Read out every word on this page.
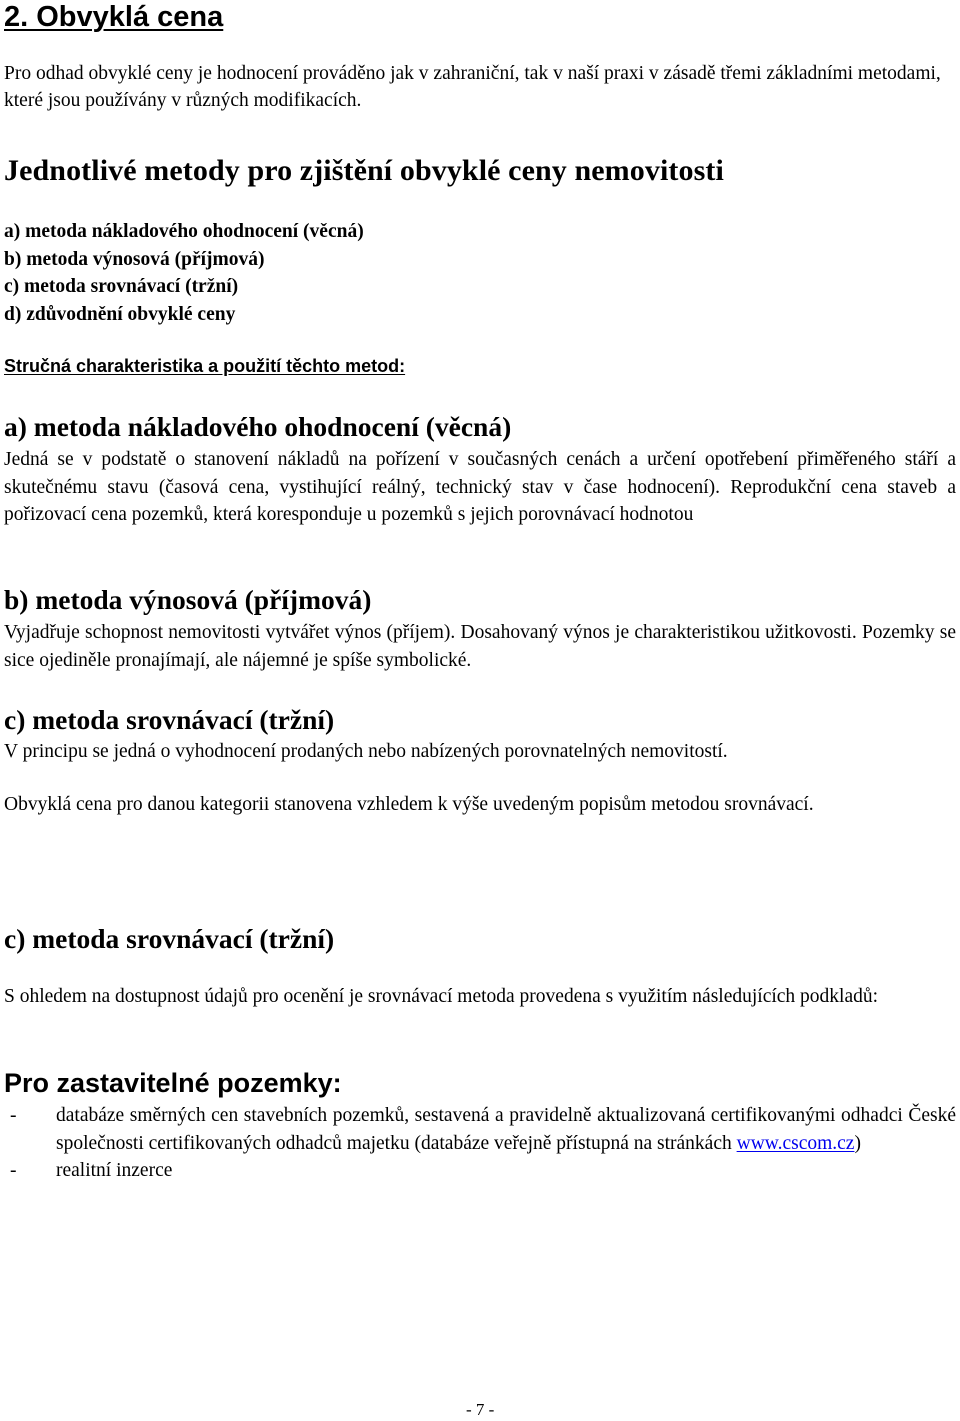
2. Obvyklá cena

Pro odhad obvyklé ceny je hodnocení prováděno jak v zahraniční, tak v naší praxi v zásadě třemi základními metodami, které jsou používány v různých modifikacích.

Jednotlivé metody pro zjištění obvyklé ceny nemovitosti
a) metoda nákladového ohodnocení (věcná)
b) metoda výnosová (příjmová)
c) metoda srovnávací (tržní)
d) zdůvodnění obvyklé ceny
Stručná charakteristika a použití těchto metod:
a) metoda nákladového ohodnocení (věcná)

Jedná se v podstatě o stanovení nákladů na pořízení v současných cenách a určení opotřebení přiměřeného stáří a skutečnému stavu (časová cena, vystihující reálný, technický stav v čase hodnocení). Reprodukční cena staveb a pořizovací cena pozemků, která koresponduje u pozemků s jejich porovnávací hodnotou

b) metoda výnosová (příjmová)

Vyjadřuje schopnost nemovitosti vytvářet výnos (příjem). Dosahovaný výnos je charakteristikou užitkovosti. Pozemky se sice ojediněle pronajímají, ale nájemné je spíše symbolické.

c) metoda srovnávací (tržní)

V principu se jedná o vyhodnocení prodaných nebo nabízených porovnatelných nemovitostí.

Obvyklá cena pro danou kategorii stanovena vzhledem k výše uvedeným popisům metodou srovnávací.

c) metoda srovnávací (tržní)

S ohledem na dostupnost údajů pro ocenění je srovnávací metoda provedena s využitím následujících podkladů:

Pro zastavitelné pozemky:
- databáze směrných cen stavebních pozemků, sestavená a pravidelně aktualizovaná certifikovanými odhadci České společnosti certifikovaných odhadců majetku (databáze veřejně přístupná na stránkách www.cscom.cz)
- realitní inzerce
- 7 -
